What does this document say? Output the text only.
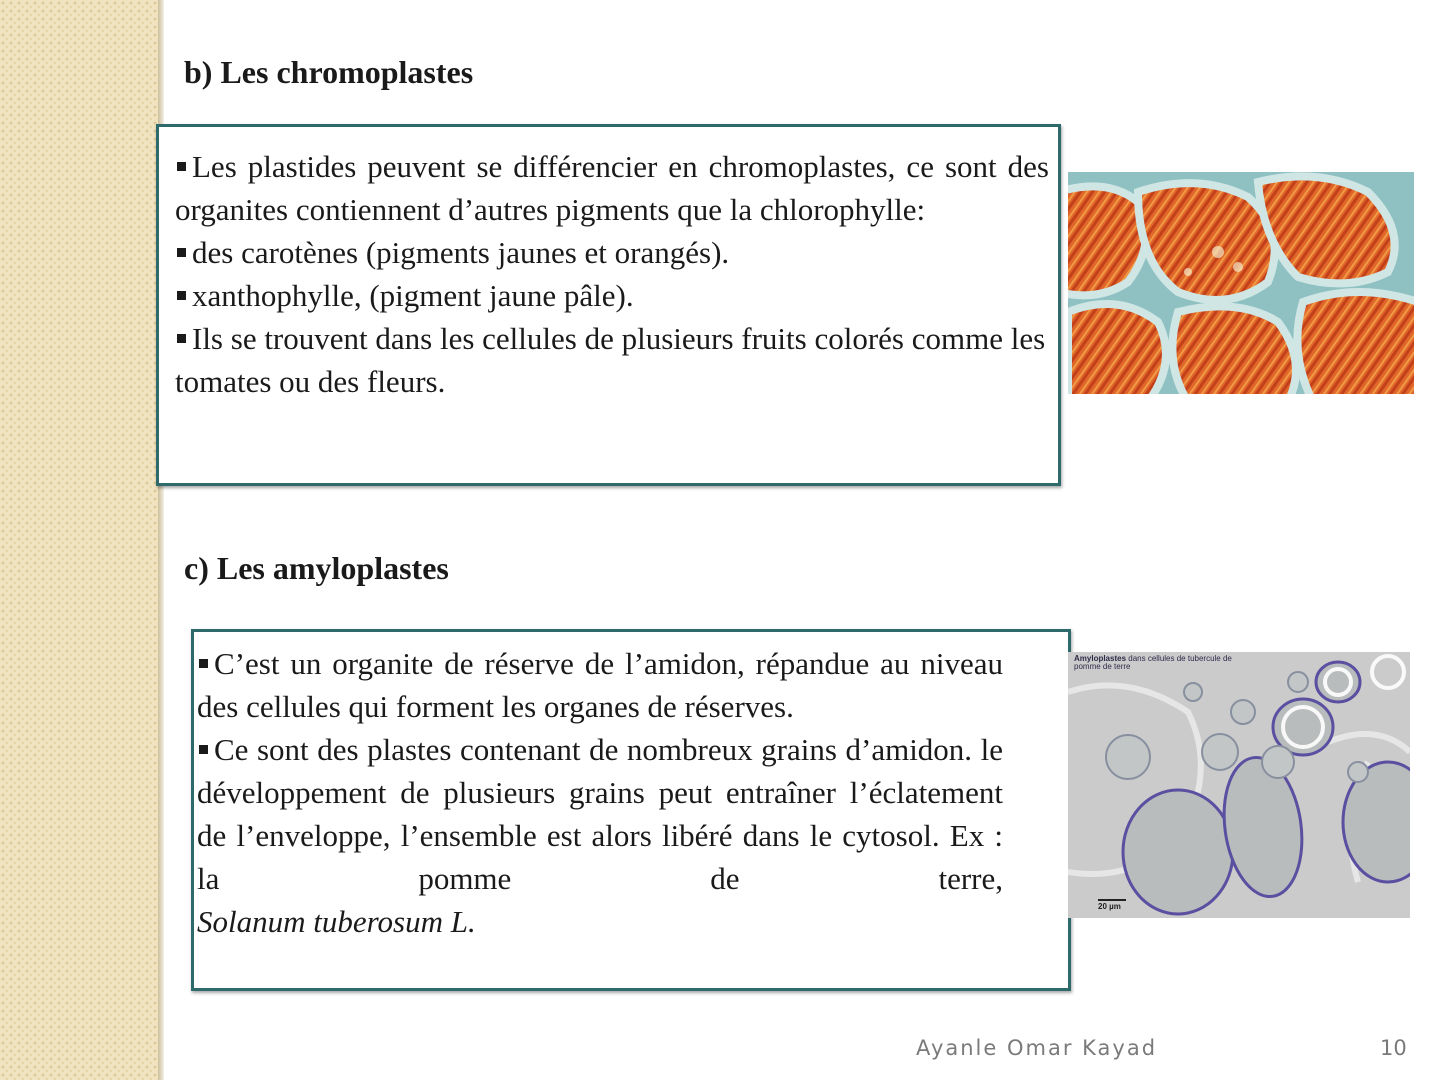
b) Les chromoplastes

Les plastides peuvent se différencier en chromoplastes, ce sont des organites contiennent d’autres pigments que la chlorophylle:

des carotènes (pigments jaunes et orangés).

xanthophylle, (pigment jaune pâle).

Ils se trouvent dans les cellules de plusieurs fruits colorés comme les tomates ou des fleurs.

c) Les amyloplastes

C’est un organite de réserve de l’amidon, répandue au niveau des cellules qui forment les organes de réserves.

Ce sont des plastes contenant de nombreux grains d’amidon. le développement de plusieurs grains peut entraîner l’éclatement de l’enveloppe, l’ensemble est alors libéré dans le cytosol. Ex : la pomme de terre,

Solanum tuberosum L.

Amyloplastes dans cellules de tubercule de pomme de terre
20 µm
Ayanle Omar Kayad	10
